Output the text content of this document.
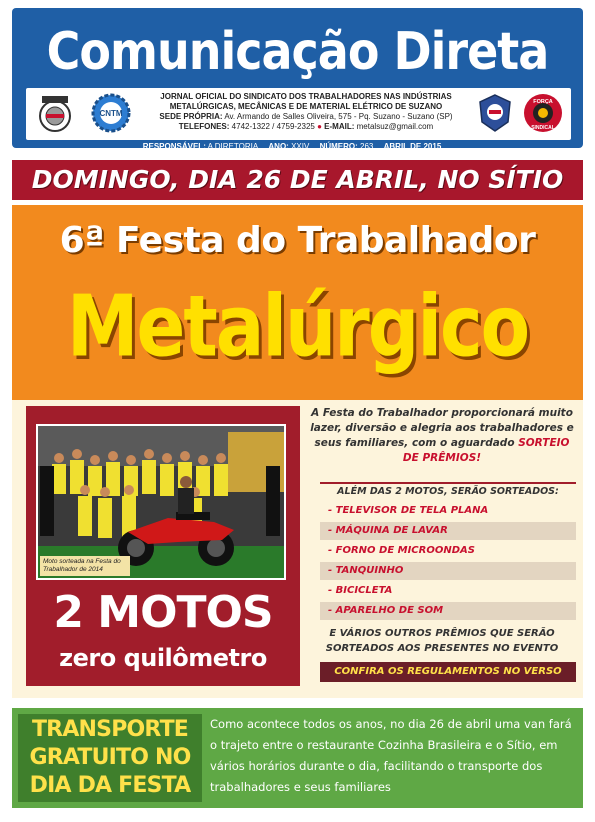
Comunicação Direta
CNTM
JORNAL OFICIAL DO SINDICATO DOS TRABALHADORES NAS INDÚSTRIAS
METALÚRGICAS, MECÂNICAS E DE MATERIAL ELÉTRICO DE SUZANO
SEDE PRÓPRIA: Av. Armando de Salles Oliveira, 575 - Pq. Suzano - Suzano (SP)
TELEFONES: 4742-1322 / 4759-2325 ● E-MAIL: metalsuz@gmail.com
FORÇA
SINDICAL
RESPONSÁVEL: A DIRETORIA ANO: XXIV NÚMERO: 263 ABRIL DE 2015
DOMINGO, DIA 26 DE ABRIL, NO SÍTIO
6ª Festa do Trabalhador
Metalúrgico
Moto sorteada na Festa do Trabalhador de 2014
2 MOTOS
zero quilômetro
A Festa do Trabalhador proporcionará muito lazer, diversão e alegria aos trabalhadores e seus familiares, com o aguardado SORTEIO DE PRÊMIOS!
ALÉM DAS 2 MOTOS, SERÃO SORTEADOS:
- TELEVISOR DE TELA PLANA
- MÁQUINA DE LAVAR
- FORNO DE MICROONDAS
- TANQUINHO
- BICICLETA
- APARELHO DE SOM
E VÁRIOS OUTROS PRÊMIOS QUE SERÃO SORTEADOS AOS PRESENTES NO EVENTO
CONFIRA OS REGULAMENTOS NO VERSO
TRANSPORTE GRATUITO NO DIA DA FESTA
Como acontece todos os anos, no dia 26 de abril uma van fará o trajeto entre o restaurante Cozinha Brasileira e o Sítio, em vários horários durante o dia, facilitando o transporte dos trabalhadores e seus familiares
